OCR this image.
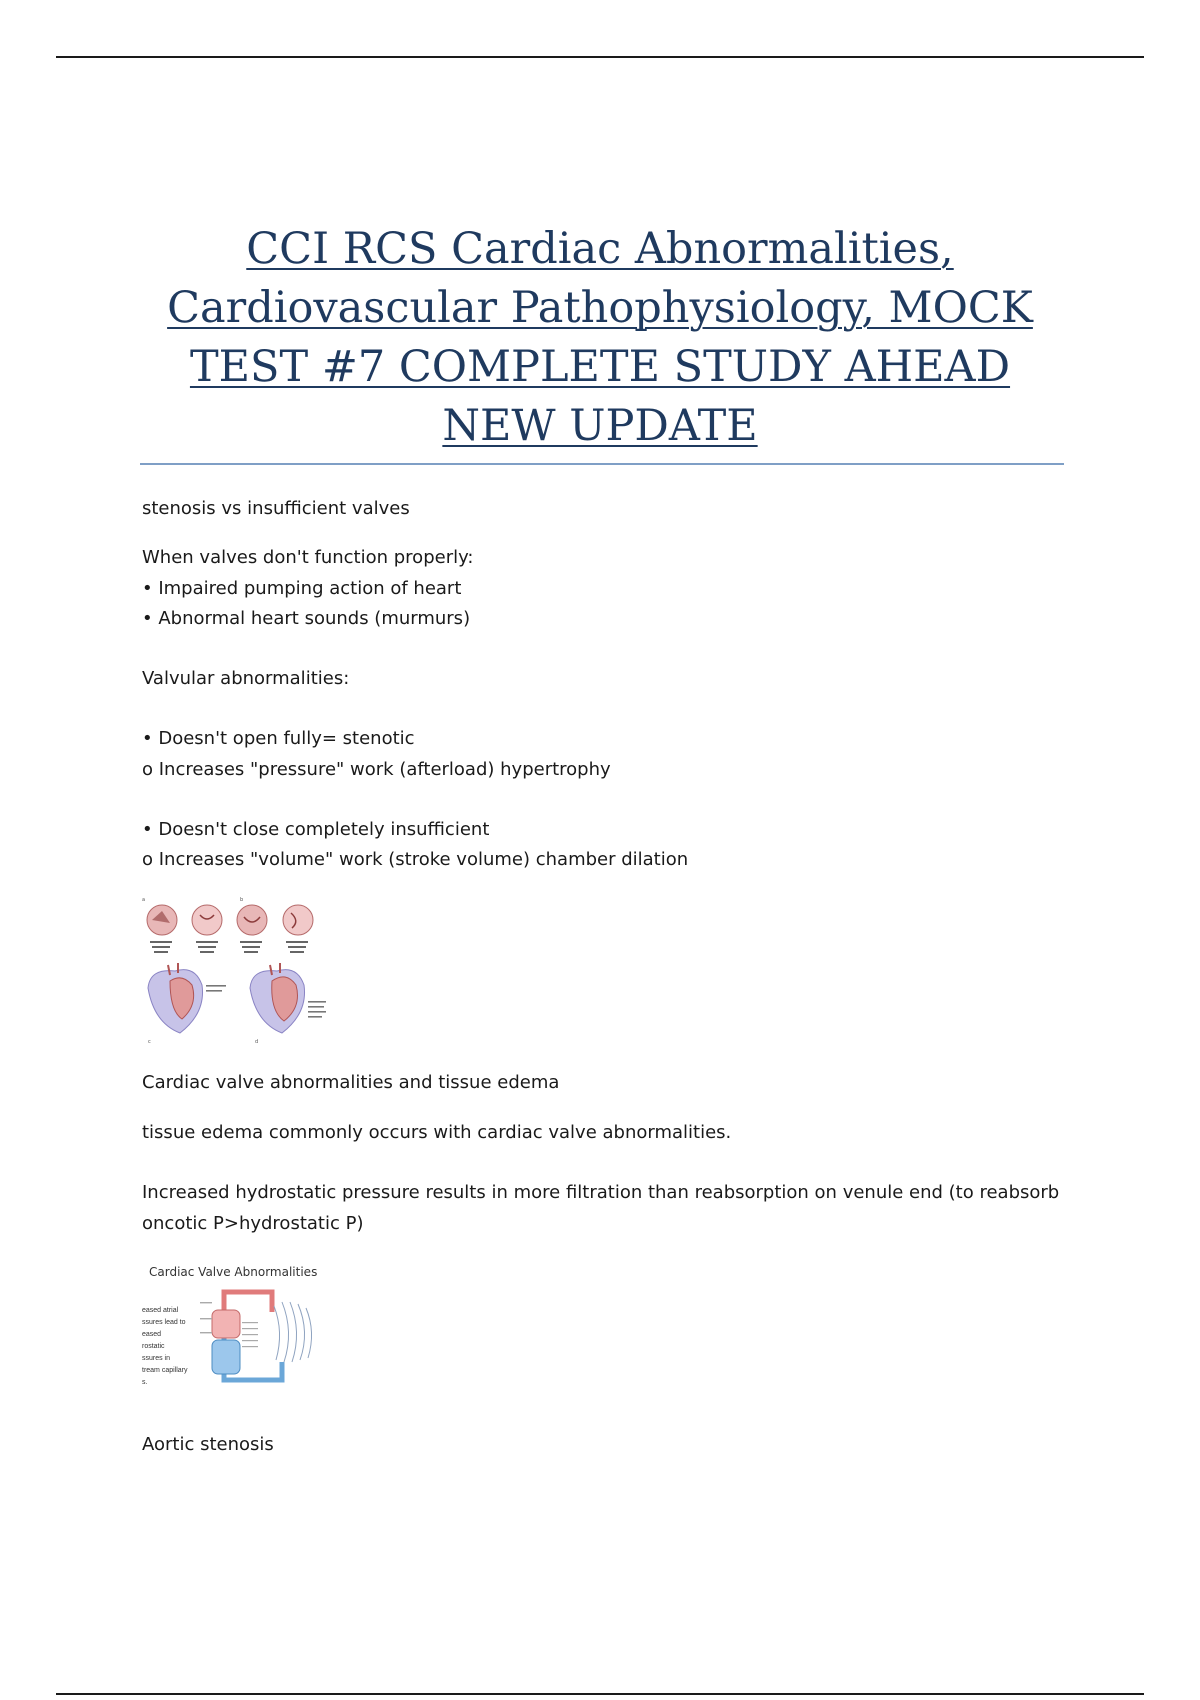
CCI RCS Cardiac Abnormalities, Cardiovascular Pathophysiology, MOCK TEST #7 COMPLETE STUDY AHEAD NEW UPDATE

stenosis vs insufficient valves

When valves don't function properly:

• Impaired pumping action of heart

• Abnormal heart sounds (murmurs)

Valvular abnormalities:

• Doesn't open fully= stenotic

o Increases "pressure" work (afterload) hypertrophy

• Doesn't close completely insufficient

o Increases "volume" work (stroke volume) chamber dilation

a	b
c	d

Cardiac valve abnormalities and tissue edema

tissue edema commonly occurs with cardiac valve abnormalities.

Increased hydrostatic pressure results in more filtration than reabsorption on venule end (to reabsorb oncotic P>hydrostatic P)

Cardiac Valve Abnormalities
eased atrial
ssures lead to
eased
rostatic
ssures in
tream capillary
s.

Aortic stenosis
